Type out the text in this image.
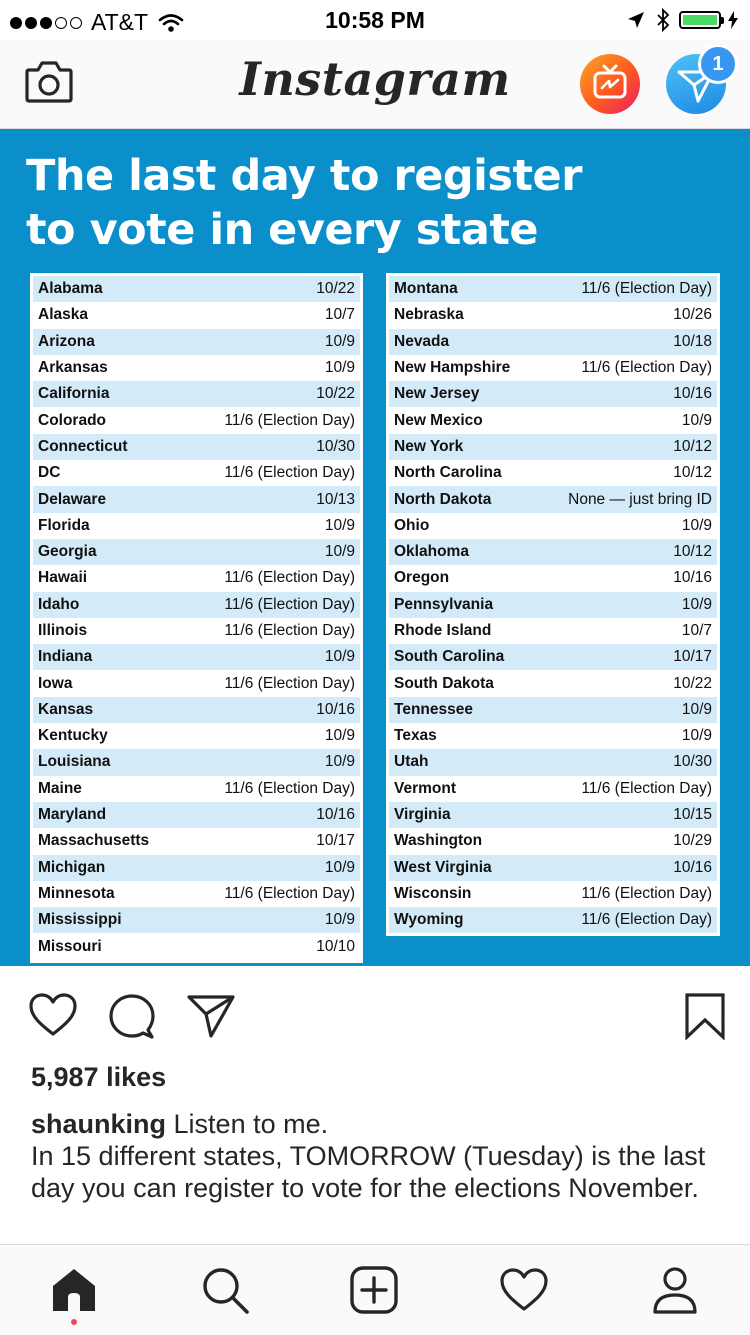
AT&T	10:58 PM
Instagram	1
The last day to register
to vote in every state
Alabama	10/22
Alaska	10/7
Arizona	10/9
Arkansas	10/9
California	10/22
Colorado	11/6 (Election Day)
Connecticut	10/30
DC	11/6 (Election Day)
Delaware	10/13
Florida	10/9
Georgia	10/9
Hawaii	11/6 (Election Day)
Idaho	11/6 (Election Day)
Illinois	11/6 (Election Day)
Indiana	10/9
Iowa	11/6 (Election Day)
Kansas	10/16
Kentucky	10/9
Louisiana	10/9
Maine	11/6 (Election Day)
Maryland	10/16
Massachusetts	10/17
Michigan	10/9
Minnesota	11/6 (Election Day)
Mississippi	10/9
Missouri	10/10
Montana	11/6 (Election Day)
Nebraska	10/26
Nevada	10/18
New Hampshire	11/6 (Election Day)
New Jersey	10/16
New Mexico	10/9
New York	10/12
North Carolina	10/12
North Dakota	None — just bring ID
Ohio	10/9
Oklahoma	10/12
Oregon	10/16
Pennsylvania	10/9
Rhode Island	10/7
South Carolina	10/17
South Dakota	10/22
Tennessee	10/9
Texas	10/9
Utah	10/30
Vermont	11/6 (Election Day)
Virginia	10/15
Washington	10/29
West Virginia	10/16
Wisconsin	11/6 (Election Day)
Wyoming	11/6 (Election Day)
5,987 likes

shaunking Listen to me.
In 15 different states, TOMORROW (Tuesday) is the last day you can register to vote for the elections November.
